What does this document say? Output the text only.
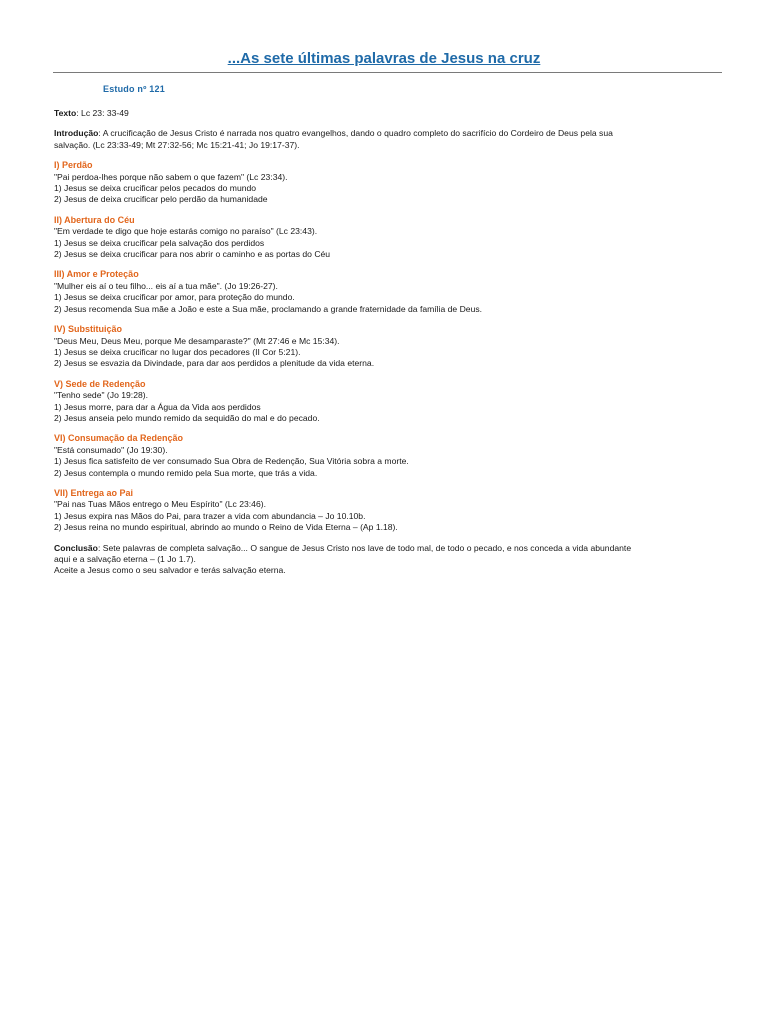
...As sete últimas palavras de Jesus na cruz
Estudo nº 121

Texto: Lc 23: 33-49

Introdução: A crucificação de Jesus Cristo é narrada nos quatro evangelhos, dando o quadro completo do sacrifício do Cordeiro de Deus pela sua
salvação. (Lc 23:33-49; Mt 27:32-56; Mc 15:21-41; Jo 19:17-37).

I) Perdão

"Pai perdoa-lhes porque não sabem o que fazem" (Lc 23:34).

1) Jesus se deixa crucificar pelos pecados do mundo

2) Jesus de deixa crucificar pelo perdão da humanidade

II) Abertura do Céu

"Em verdade te digo que hoje estarás comigo no paraíso" (Lc 23:43).

1) Jesus se deixa crucificar pela salvação dos perdidos

2) Jesus se deixa crucificar para nos abrir o caminho e as portas do Céu

III) Amor e Proteção

"Mulher eis aí o teu filho... eis aí a tua mãe". (Jo 19:26-27).

1) Jesus se deixa crucificar por amor, para proteção do mundo.

2) Jesus recomenda Sua mãe a João e este a Sua mãe, proclamando a grande fraternidade da família de Deus.

IV) Substituição

"Deus Meu, Deus Meu, porque Me desamparaste?" (Mt 27:46 e Mc 15:34).

1) Jesus se deixa crucificar no lugar dos pecadores (II Cor 5:21).

2) Jesus se esvazia da Divindade, para dar aos perdidos a plenitude da vida eterna.

V) Sede de Redenção

"Tenho sede" (Jo 19:28).

1) Jesus morre, para dar a Água da Vida aos perdidos

2) Jesus anseia pelo mundo remido da sequidão do mal e do pecado.

VI) Consumação da Redenção

"Está consumado" (Jo 19:30).

1) Jesus fica satisfeito de ver consumado Sua Obra de Redenção, Sua Vitória sobra a morte.

2) Jesus contempla o mundo remido pela Sua morte, que trás a vida.

VII) Entrega ao Pai

"Pai nas Tuas Mãos entrego o Meu Espírito" (Lc 23:46).

1) Jesus expira nas Mãos do Pai, para trazer a vida com abundancia – Jo 10.10b.

2) Jesus reina no mundo espiritual, abrindo ao mundo o Reino de Vida Eterna – (Ap 1.18).

Conclusão: Sete palavras de completa salvação... O sangue de Jesus Cristo nos lave de todo mal, de todo o pecado, e nos conceda a vida abundante
aqui e a salvação eterna – (1 Jo 1.7).
Aceite a Jesus como o seu salvador e terás salvação eterna.
